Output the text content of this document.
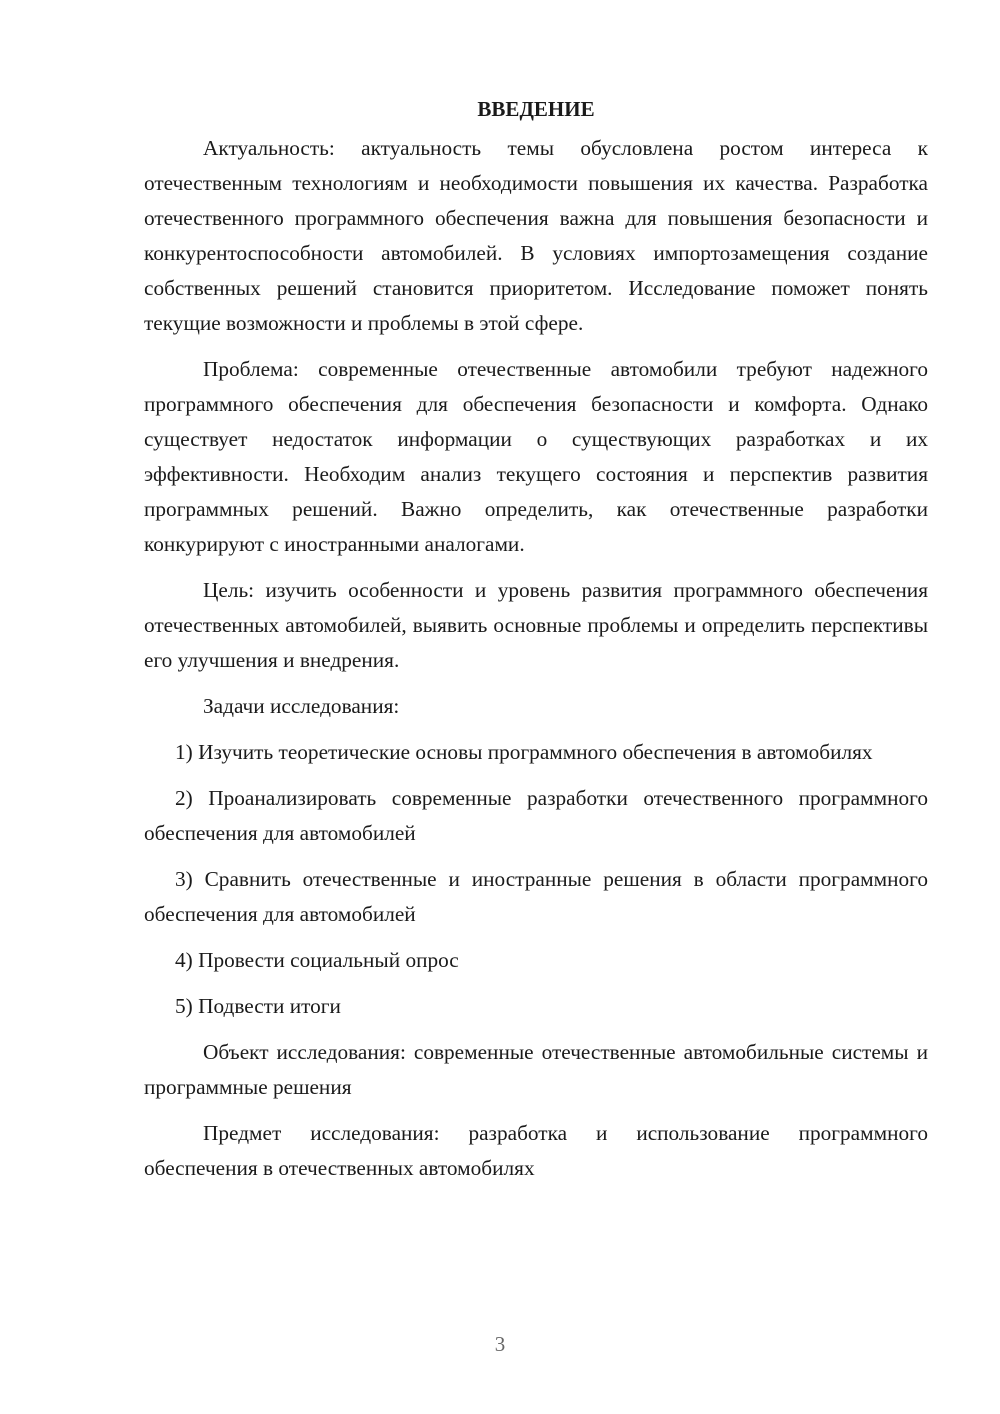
ВВЕДЕНИЕ

Актуальность: актуальность темы обусловлена ростом интереса к отечественным технологиям и необходимости повышения их качества. Разработка отечественного программного обеспечения важна для повышения безопасности и конкурентоспособности автомобилей. В условиях импортозамещения создание собственных решений становится приоритетом. Исследование поможет понять текущие возможности и проблемы в этой сфере.

Проблема: современные отечественные автомобили требуют надежного программного обеспечения для обеспечения безопасности и комфорта. Однако существует недостаток информации о существующих разработках и их эффективности. Необходим анализ текущего состояния и перспектив развития программных решений. Важно определить, как отечественные разработки конкурируют с иностранными аналогами.

Цель: изучить особенности и уровень развития программного обеспечения отечественных автомобилей, выявить основные проблемы и определить перспективы его улучшения и внедрения.

Задачи исследования:

1) Изучить теоретические основы программного обеспечения в автомобилях

2) Проанализировать современные разработки отечественного программного обеспечения для автомобилей

3) Сравнить отечественные и иностранные решения в области программного обеспечения для автомобилей

4) Провести социальный опрос

5) Подвести итоги

Объект исследования: современные отечественные автомобильные системы и программные решения

Предмет исследования: разработка и использование программного обеспечения в отечественных автомобилях

3
